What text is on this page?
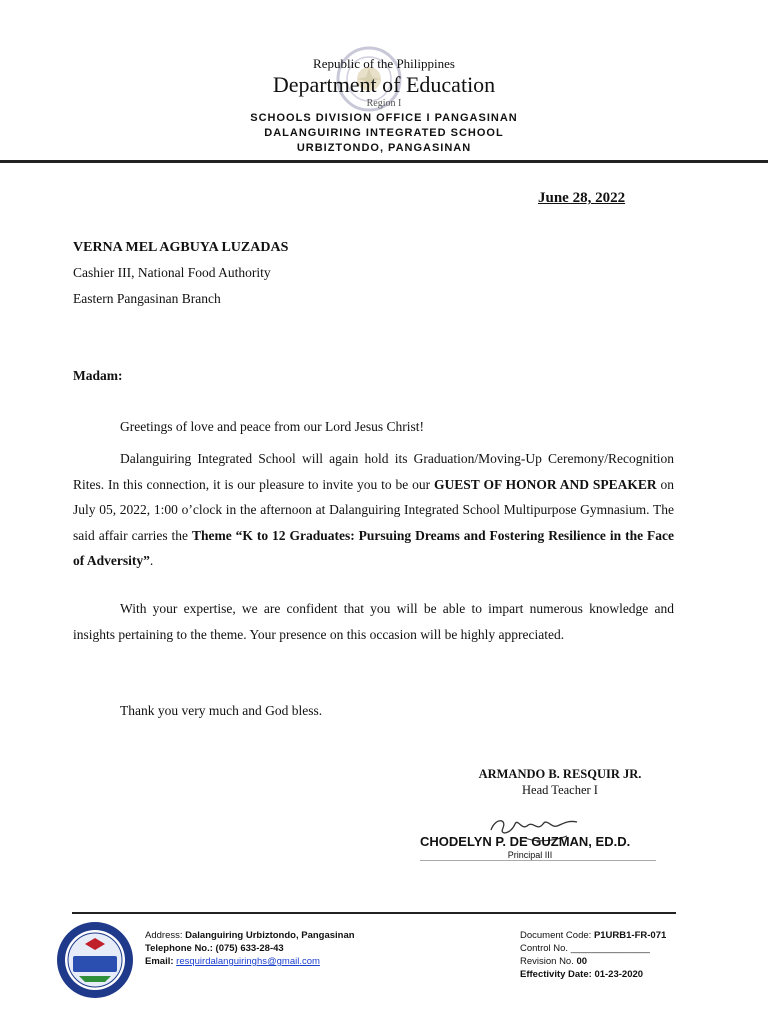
Republic of the Philippines
Department of Education
Region I
SCHOOLS DIVISION OFFICE I PANGASINAN
DALANGUIRING INTEGRATED SCHOOL
URBIZTONDO, PANGASINAN
June 28, 2022
VERNA MEL AGBUYA LUZADAS
Cashier III, National Food Authority
Eastern Pangasinan Branch
Madam:
Greetings of love and peace from our Lord Jesus Christ!
Dalanguiring Integrated School will again hold its Graduation/Moving-Up Ceremony/Recognition Rites. In this connection, it is our pleasure to invite you to be our GUEST OF HONOR AND SPEAKER on July 05, 2022, 1:00 o’clock in the afternoon at Dalanguiring Integrated School Multipurpose Gymnasium. The said affair carries the Theme “K to 12 Graduates: Pursuing Dreams and Fostering Resilience in the Face of Adversity”.
With your expertise, we are confident that you will be able to impart numerous knowledge and insights pertaining to the theme. Your presence on this occasion will be highly appreciated.
Thank you very much and God bless.
ARMANDO B. RESQUIR JR.
Head Teacher I
CHODELYN P. DE GUZMAN, ED.D.
Principal III
Address: Dalanguiring Urbiztondo, Pangasinan
Telephone No.: (075) 633-28-43
Email: resquirdalanguiringhs@gmail.com
Document Code: P1URB1-FR-071
Control No. _______________
Revision No. 00
Effectivity Date: 01-23-2020
